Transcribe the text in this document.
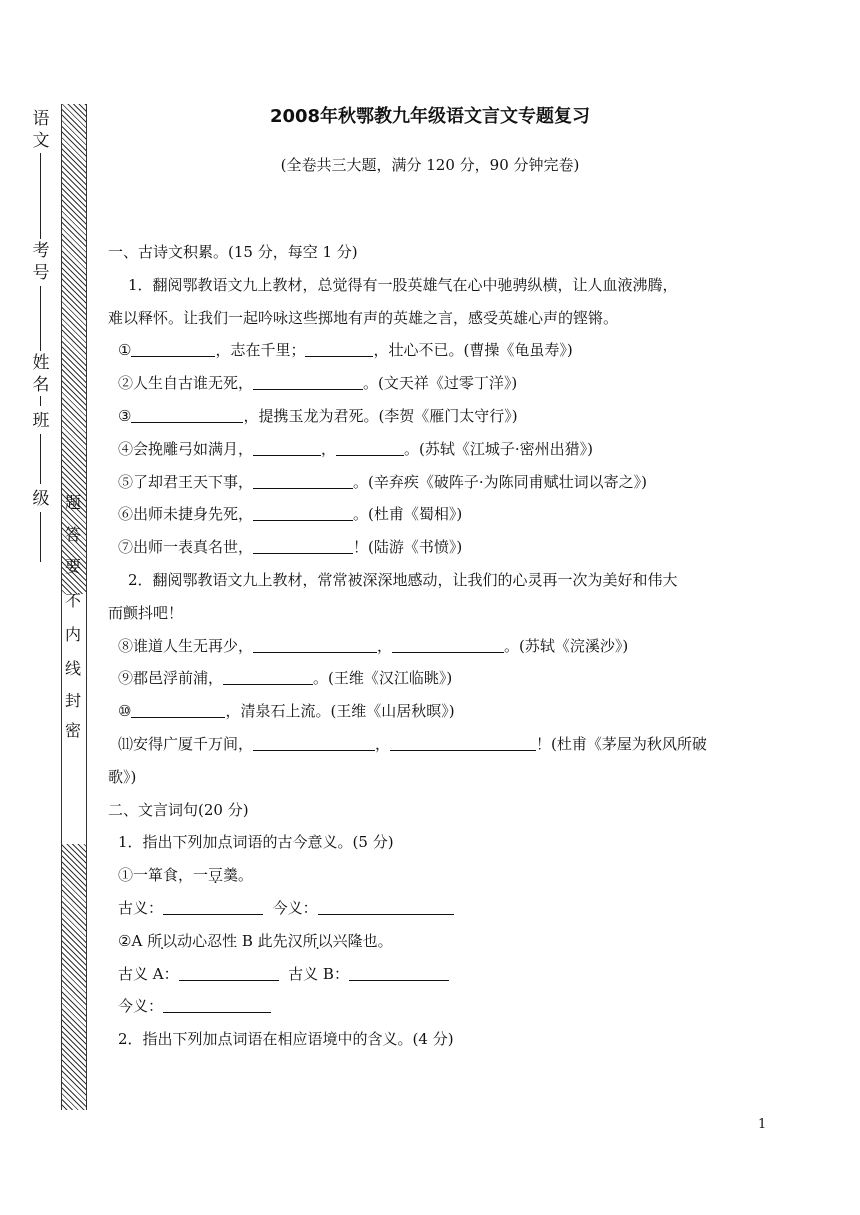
语文
考号
姓名
班
级 题
答
要
不
内
线
封
密
2008年秋鄂教九年级语文言文专题复习
(全卷共三大题，满分 120 分，90 分钟完卷)
一、古诗文积累。(15 分，每空 1 分)
1．翻阅鄂教语文九上教材，总觉得有一股英雄气在心中驰骋纵横，让人血液沸腾，
难以释怀。让我们一起吟咏这些掷地有声的英雄之言，感受英雄心声的铿锵。
①	，志在千里；	，壮心不已。(曹操《龟虽寿》)
②人生自古谁无死，	。(文天祥《过零丁洋》)
③	，提携玉龙为君死。(李贺《雁门太守行》)
④会挽雕弓如满月，	，	。(苏轼《江城子·密州出猎》)
⑤了却君王天下事，	。(辛弃疾《破阵子·为陈同甫赋壮词以寄之》)
⑥出师未捷身先死，	。(杜甫《蜀相》)
⑦出师一表真名世，	！(陆游《书愤》)
2．翻阅鄂教语文九上教材，常常被深深地感动，让我们的心灵再一次为美好和伟大
而颤抖吧！
⑧谁道人生无再少，	，	。(苏轼《浣溪沙》)
⑨郡邑浮前浦，	。(王维《汉江临眺》)
⑩	，清泉石上流。(王维《山居秋暝》)
⑾安得广厦千万间，	，	！(杜甫《茅屋为秋风所破
歌》)
二、文言词句(20 分)
1．指出下列加点词语的古今意义。(5 分)
①一箪食，一豆羹。
古义：	今义：
②A 所以动心忍性 B 此先汉所以兴隆也。
古义 A：	古义 B：
今义：
2．指出下列加点词语在相应语境中的含义。(4 分)
1
